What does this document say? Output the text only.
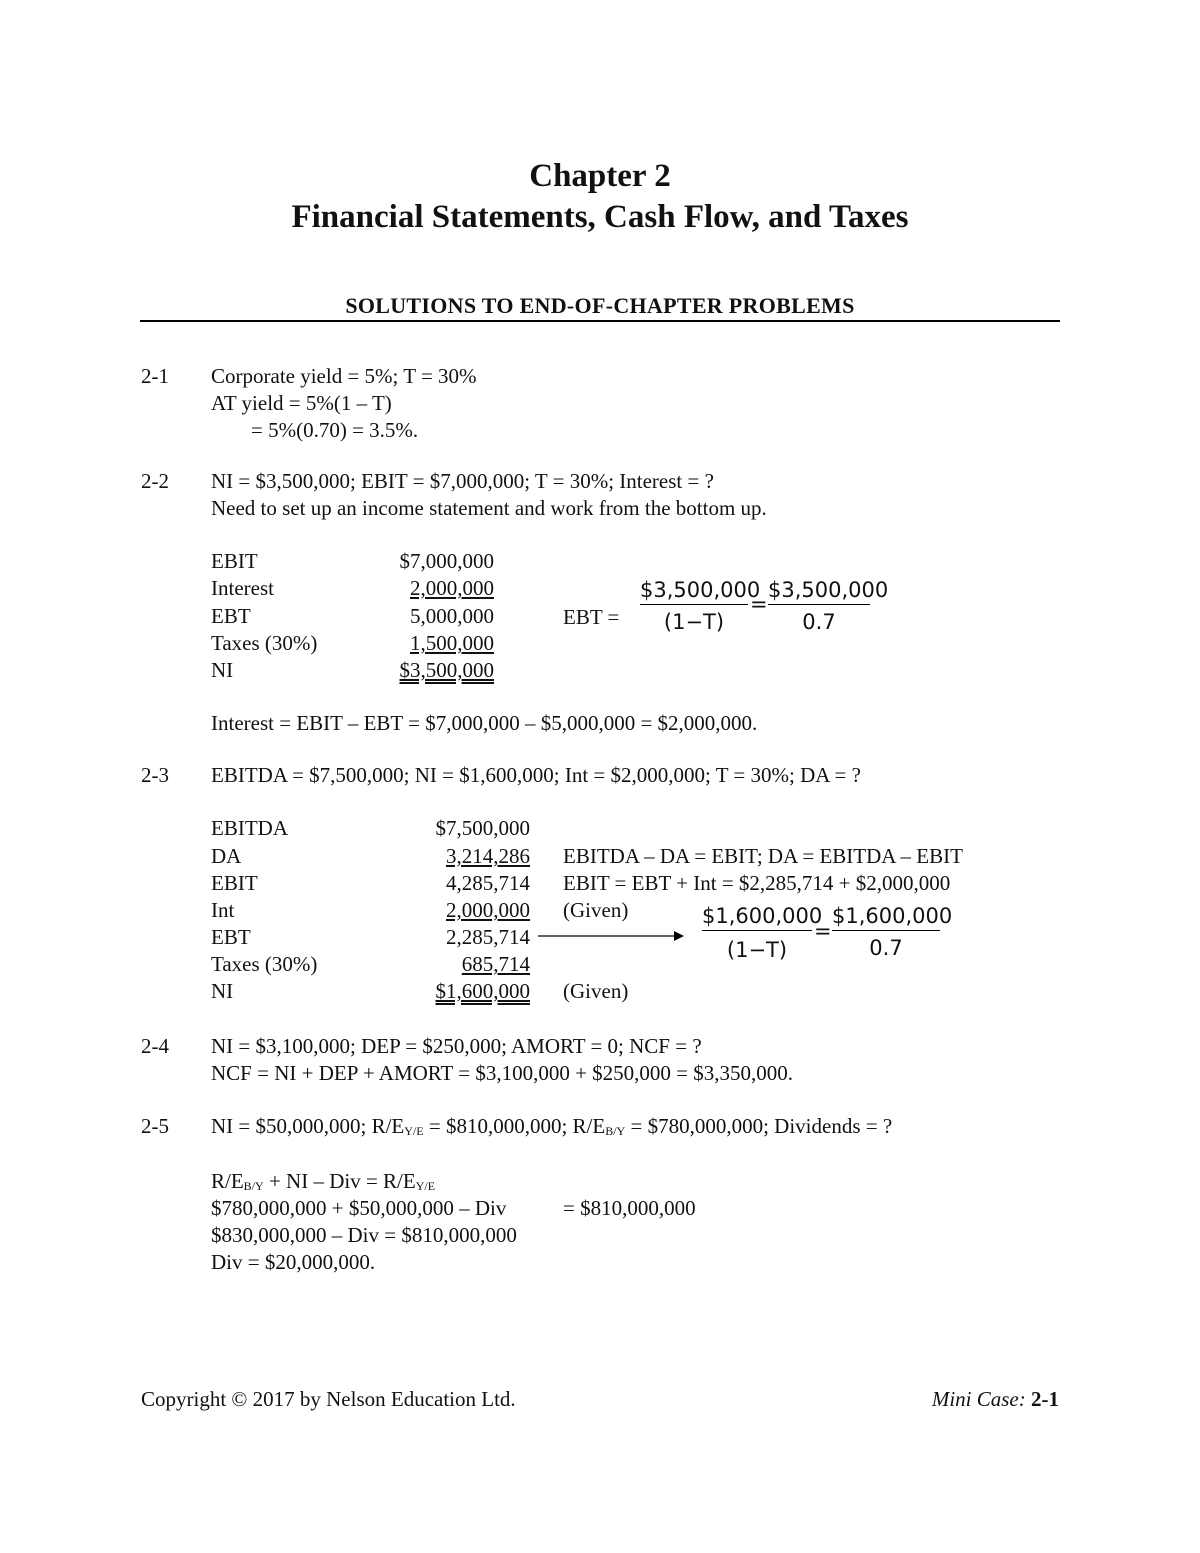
Chapter 2
Financial Statements, Cash Flow, and Taxes
SOLUTIONS TO END-OF-CHAPTER PROBLEMS
2-1 Corporate yield = 5%; T = 30%
AT yield = 5%(1 – T)
= 5%(0.70) = 3.5%.
2-2 NI = $3,500,000; EBIT = $7,000,000; T = 30%; Interest = ?
Need to set up an income statement and work from the bottom up.
EBIT	$7,000,000
Interest	2,000,000
EBT	5,000,000
Taxes (30%)	1,500,000
NI	$3,500,000
EBT =
$3,500,000
(1−T)
=
$3,500,000
0.7
Interest = EBIT – EBT = $7,000,000 – $5,000,000 = $2,000,000.
2-3 EBITDA = $7,500,000; NI = $1,600,000; Int = $2,000,000; T = 30%; DA = ?
EBITDA	$7,500,000
DA	3,214,286 EBITDA – DA = EBIT; DA = EBITDA – EBIT
EBIT	4,285,714 EBIT = EBT + Int = $2,285,714 + $2,000,000
Int	2,000,000 (Given)
EBT	2,285,714
Taxes (30%)	685,714
NI	$1,600,000 (Given)
$1,600,000
(1−T)
=
$1,600,000
0.7
2-4 NI = $3,100,000; DEP = $250,000; AMORT = 0; NCF = ?
NCF = NI + DEP + AMORT = $3,100,000 + $250,000 = $3,350,000.
2-5 NI = $50,000,000; $R/E_{Y/E}$ = $810,000,000; $R/E_{B/Y}$ = $780,000,000; Dividends = ?
$R/E_{B/Y}$ + NI – Div = $R/E_{Y/E}$
$780,000,000 + $50,000,000 – Div	= $810,000,000
$830,000,000 – Div = $810,000,000
Div = $20,000,000.
Copyright © 2017 by Nelson Education Ltd.	Mini Case: 2-1
